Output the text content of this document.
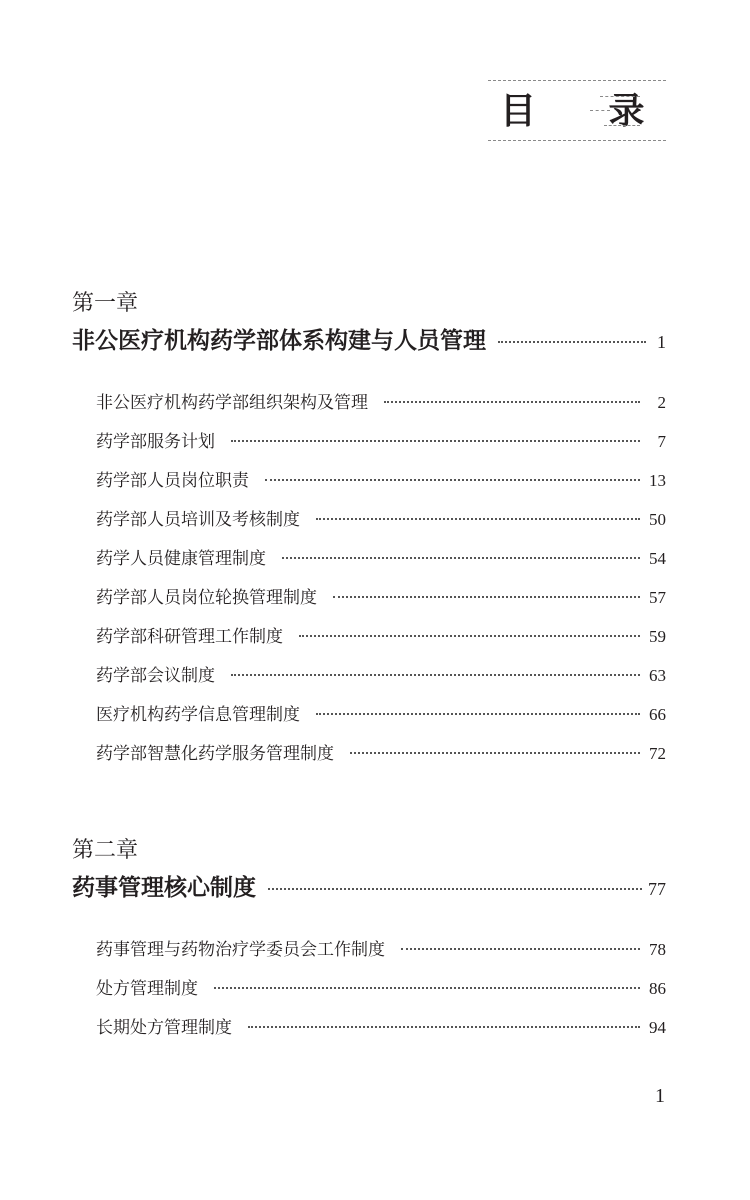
目 录
第一章
非公医疗机构药学部体系构建与人员管理	1
非公医疗机构药学部组织架构及管理	2
药学部服务计划	7
药学部人员岗位职责	13
药学部人员培训及考核制度	50
药学人员健康管理制度	54
药学部人员岗位轮换管理制度	57
药学部科研管理工作制度	59
药学部会议制度	63
医疗机构药学信息管理制度	66
药学部智慧化药学服务管理制度	72
第二章
药事管理核心制度	77
药事管理与药物治疗学委员会工作制度	78
处方管理制度	86
长期处方管理制度	94
1
